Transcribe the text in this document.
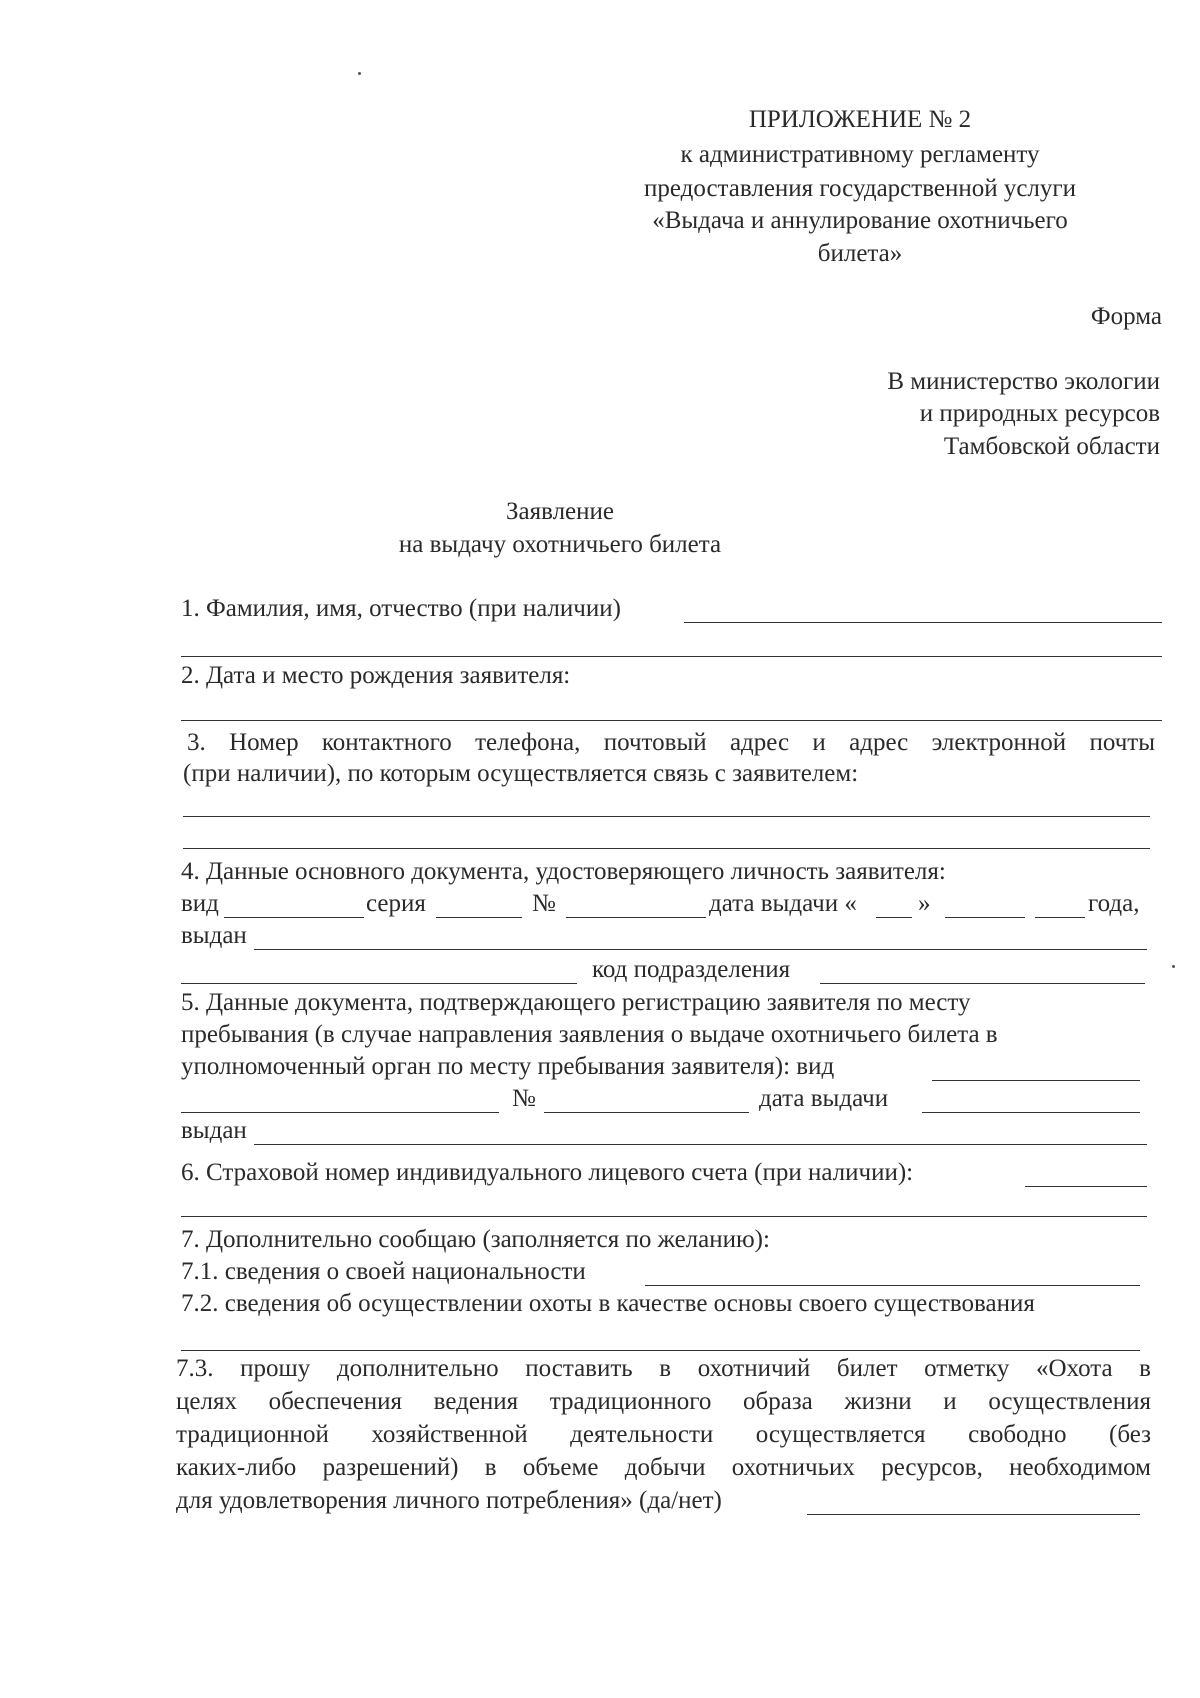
ПРИЛОЖЕНИЕ № 2
к административному регламенту
предоставления государственной услуги
«Выдача и аннулирование охотничьего
билета»
Форма
В министерство экологии
и природных ресурсов
Тамбовской области
Заявление
на выдачу охотничьего билета
1. Фамилия, имя, отчество (при наличии)
2. Дата и место рождения заявителя:
3. Номер контактного телефона, почтовый адрес и адрес электронной почты
(при наличии), по которым осуществляется связь с заявителем:
4. Данные основного документа, удостоверяющего личность заявителя:
вид	серия	№	дата выдачи « »	года,
выдан
код подразделения
5. Данные документа, подтверждающего регистрацию заявителя по месту
пребывания (в случае направления заявления о выдаче охотничьего билета в
уполномоченный орган по месту пребывания заявителя): вид
№	дата выдачи
выдан
6. Страховой номер индивидуального лицевого счета (при наличии):
7. Дополнительно сообщаю (заполняется по желанию):
7.1. сведения о своей национальности
7.2. сведения об осуществлении охоты в качестве основы своего существования
7.3. прошу дополнительно поставить в охотничий билет отметку «Охота в
целях обеспечения ведения традиционного образа жизни и осуществления
традиционной хозяйственной деятельности осуществляется свободно (без
каких-либо разрешений) в объеме добычи охотничьих ресурсов, необходимом
для удовлетворения личного потребления» (да/нет)
